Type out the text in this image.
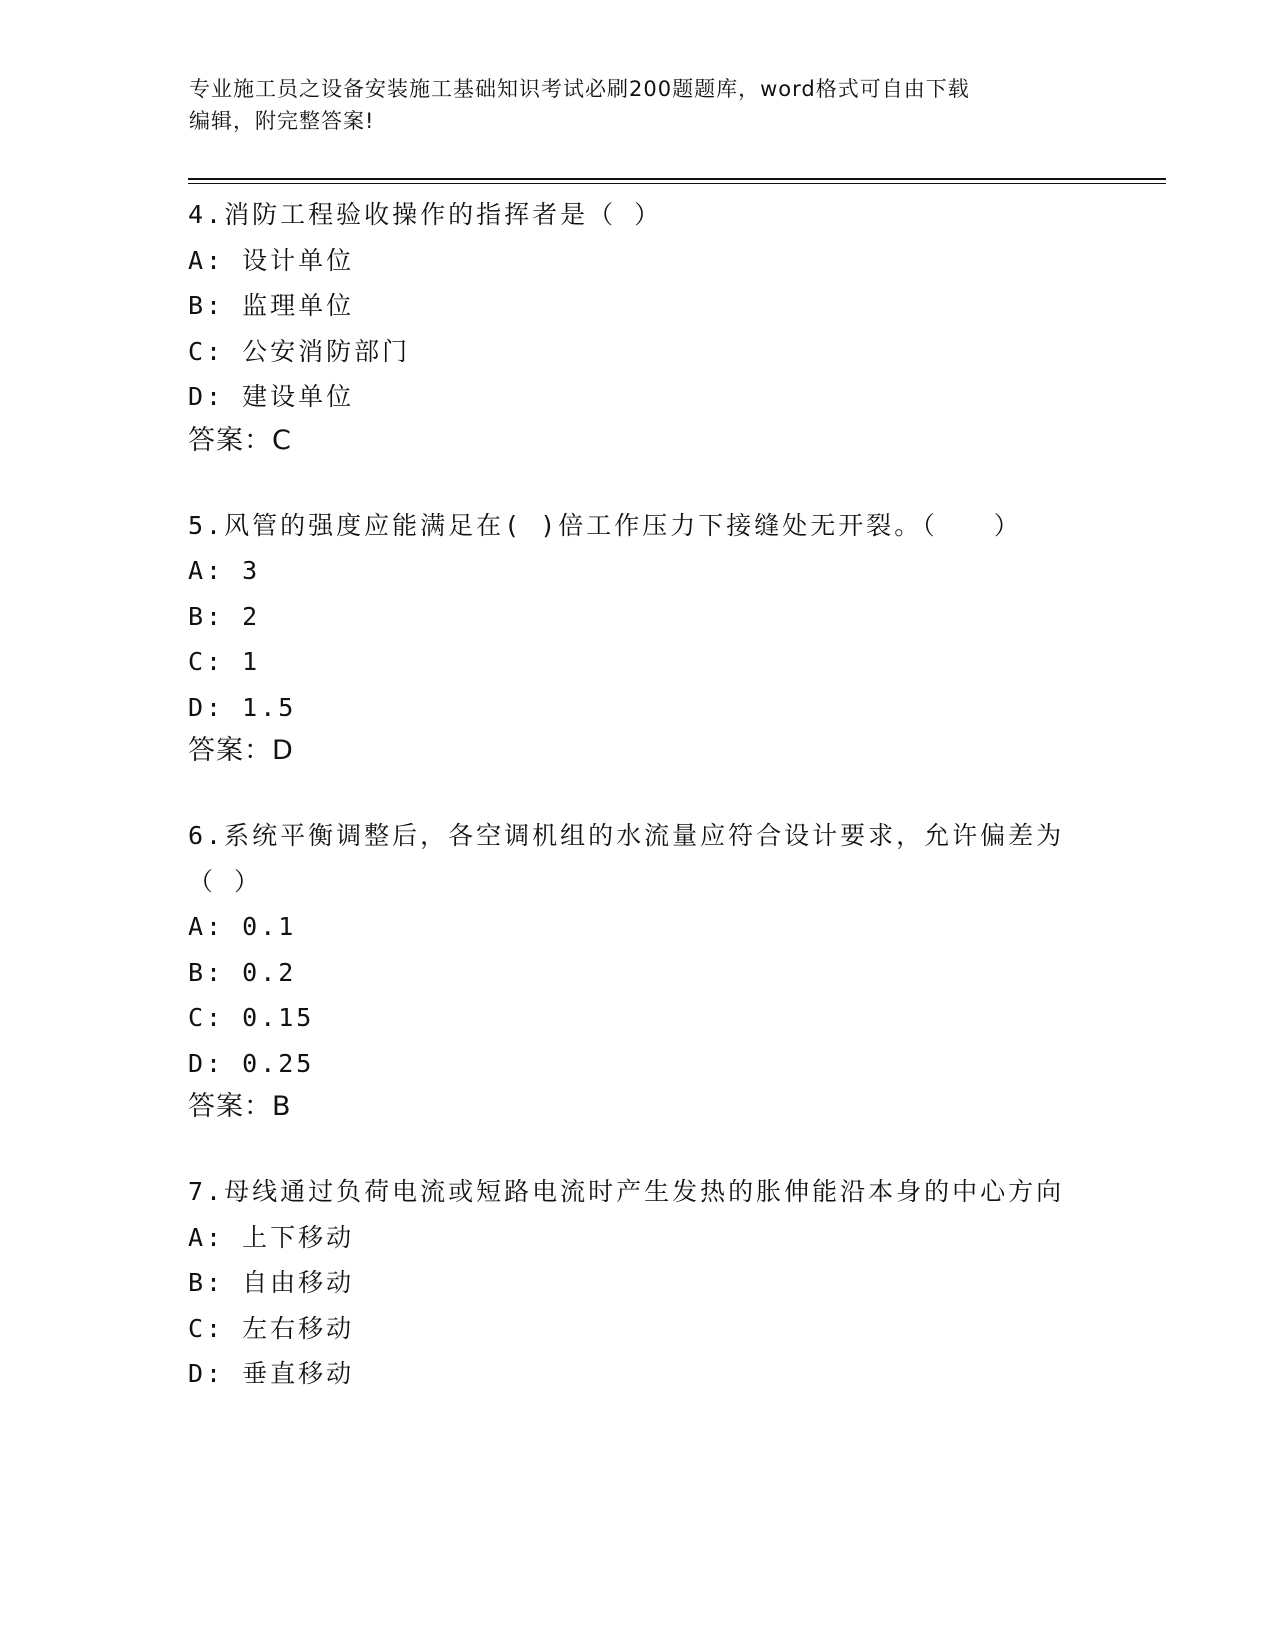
专业施工员之设备安装施工基础知识考试必刷200题题库，word格式可自由下载
编辑，附完整答案!
4.消防工程验收操作的指挥者是（ ）
A: 设计单位
B: 监理单位
C: 公安消防部门
D: 建设单位
答案：C
5.风管的强度应能满足在( )倍工作压力下接缝处无开裂。（　　）
A: 3
B: 2
C: 1
D: 1.5
答案：D
6.系统平衡调整后，各空调机组的水流量应符合设计要求，允许偏差为（ ）
A: 0.1
B: 0.2
C: 0.15
D: 0.25
答案：B
7.母线通过负荷电流或短路电流时产生发热的胀伸能沿本身的中心方向
A: 上下移动
B: 自由移动
C: 左右移动
D: 垂直移动
